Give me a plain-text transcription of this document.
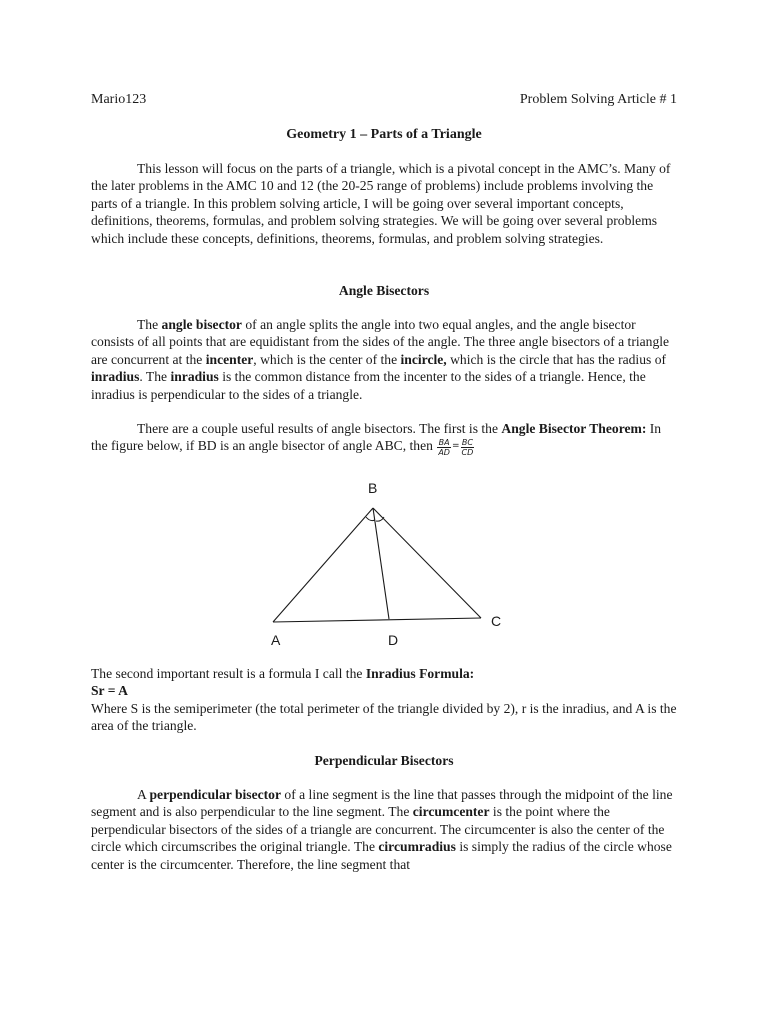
Mario123	Problem Solving Article # 1
Geometry 1 – Parts of a Triangle

This lesson will focus on the parts of a triangle, which is a pivotal concept in the AMC’s. Many of the later problems in the AMC 10 and 12 (the 20-25 range of problems) include problems involving the parts of a triangle. In this problem solving article, I will be going over several important concepts, definitions, theorems, formulas, and problem solving strategies. We will be going over several problems which include these concepts, definitions, theorems, formulas, and problem solving strategies.

Angle Bisectors

The angle bisector of an angle splits the angle into two equal angles, and the angle bisector consists of all points that are equidistant from the sides of the angle. The three angle bisectors of a triangle are concurrent at the incenter, which is the center of the incircle, which is the circle that has the radius of inradius. The inradius is the common distance from the incenter to the sides of a triangle. Hence, the inradius is perpendicular to the sides of a triangle.

There are a couple useful results of angle bisectors. The first is the Angle Bisector Theorem: In the figure below, if BD is an angle bisector of angle ABC, then $\frac{BA}{AD} = \frac{BC}{CD}$

B
A
C
D

The second important result is a formula I call the Inradius Formula:

Sr = A

Where S is the semiperimeter (the total perimeter of the triangle divided by 2), r is the inradius, and A is the area of the triangle.

Perpendicular Bisectors

A perpendicular bisector of a line segment is the line that passes through the midpoint of the line segment and is also perpendicular to the line segment. The circumcenter is the point where the perpendicular bisectors of the sides of a triangle are concurrent. The circumcenter is also the center of the circle which circumscribes the original triangle. The circumradius is simply the radius of the circle whose center is the circumcenter. Therefore, the line segment that
